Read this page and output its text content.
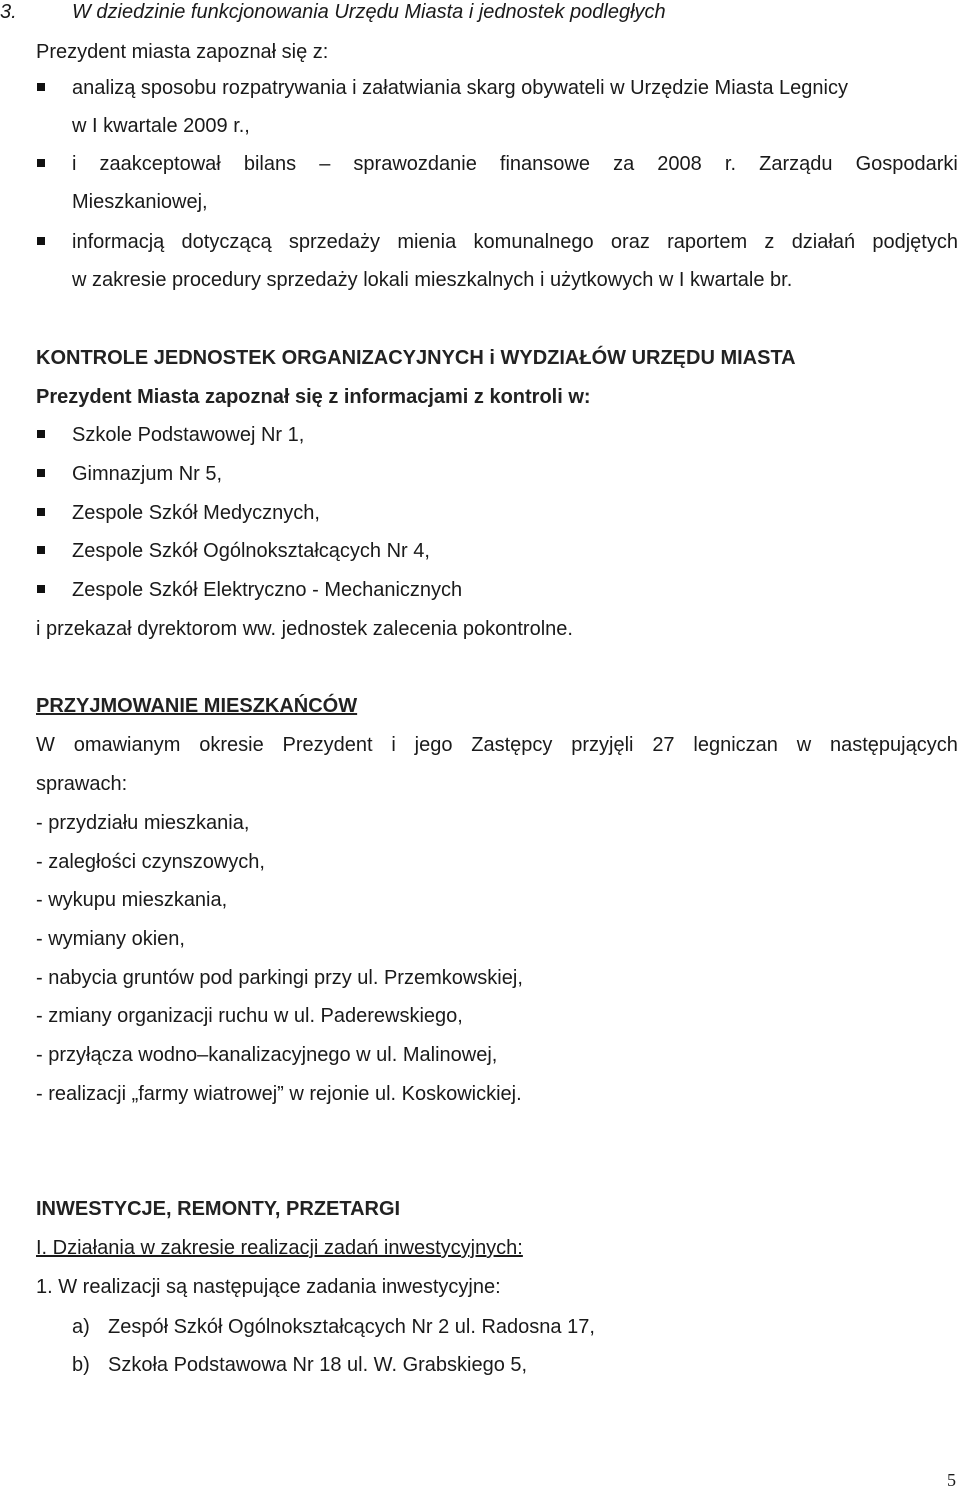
3.	W dziedzinie funkcjonowania Urzędu Miasta i jednostek podległych
Prezydent miasta zapoznał się z:
analizą sposobu rozpatrywania i załatwiania skarg obywateli w Urzędzie Miasta Legnicy
w I kwartale 2009 r.,
i zaakceptował bilans – sprawozdanie finansowe za 2008 r. Zarządu Gospodarki
Mieszkaniowej,
informacją dotyczącą sprzedaży mienia komunalnego oraz raportem z działań podjętych
w zakresie procedury sprzedaży lokali mieszkalnych i użytkowych w I kwartale br.
KONTROLE JEDNOSTEK ORGANIZACYJNYCH i WYDZIAŁÓW URZĘDU MIASTA
Prezydent Miasta zapoznał się z informacjami z kontroli w:
Szkole Podstawowej Nr 1,
Gimnazjum Nr 5,
Zespole Szkół Medycznych,
Zespole Szkół Ogólnokształcących Nr 4,
Zespole Szkół Elektryczno - Mechanicznych
i przekazał dyrektorom ww. jednostek zalecenia pokontrolne.
PRZYJMOWANIE MIESZKAŃCÓW
W omawianym okresie Prezydent i jego Zastępcy przyjęli 27 legniczan w następujących
sprawach:
- przydziału mieszkania,
- zaległości czynszowych,
- wykupu mieszkania,
- wymiany okien,
- nabycia gruntów pod parkingi przy ul. Przemkowskiej,
- zmiany organizacji ruchu w ul. Paderewskiego,
- przyłącza wodno–kanalizacyjnego w ul. Malinowej,
- realizacji „farmy wiatrowej” w rejonie ul. Koskowickiej.
INWESTYCJE, REMONTY, PRZETARGI
I. Działania w zakresie realizacji zadań inwestycyjnych:
1. W realizacji są następujące zadania inwestycyjne:
a) Zespół Szkół Ogólnokształcących Nr 2 ul. Radosna 17,
b) Szkoła Podstawowa Nr 18 ul. W. Grabskiego 5,
5
